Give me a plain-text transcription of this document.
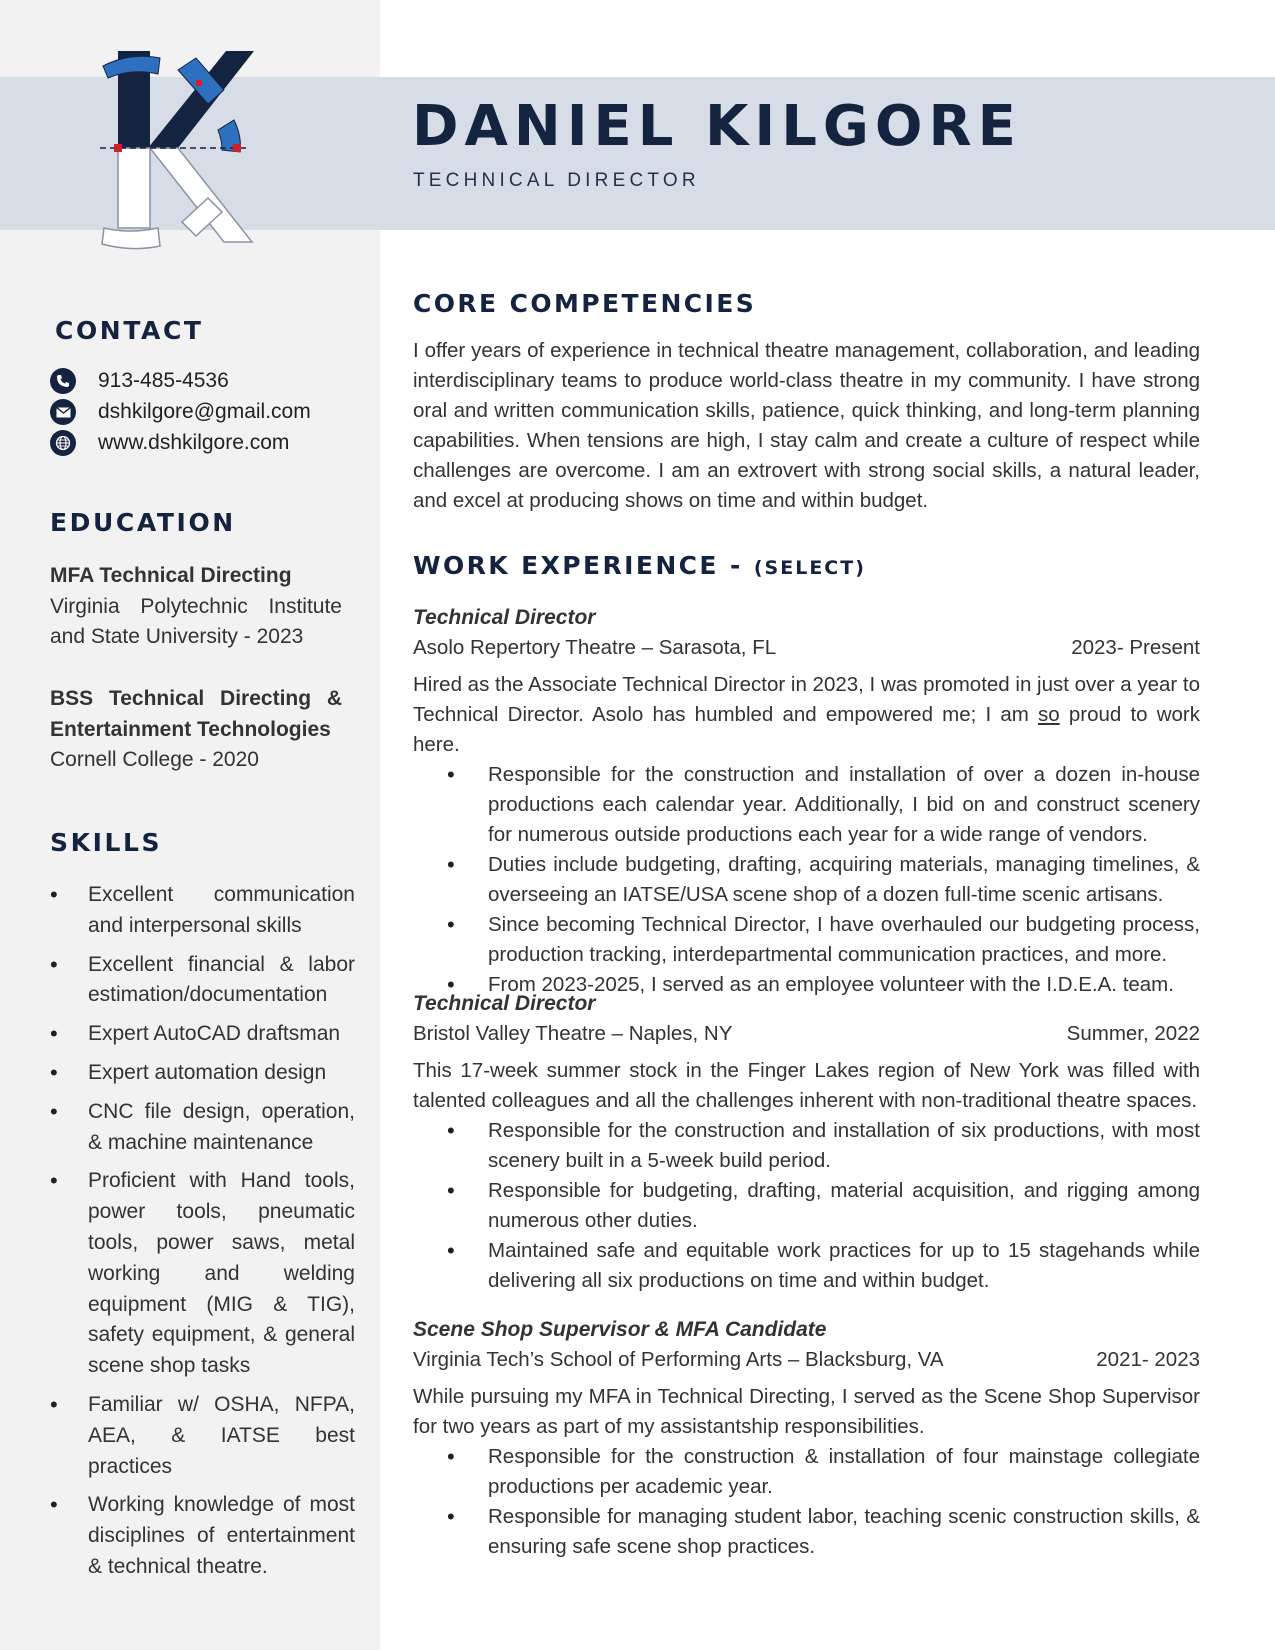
DANIEL KILGORE
TECHNICAL DIRECTOR
CONTACT
913-485-4536
dshkilgore@gmail.com
www.dshkilgore.com
EDUCATION
MFA Technical Directing
Virginia Polytechnic Institute and State University - 2023
BSS Technical Directing &
Entertainment Technologies
Cornell College - 2020
SKILLS
• Excellent communication and interpersonal skills
• Excellent financial & labor estimation/documentation
• Expert AutoCAD draftsman
• Expert automation design
• CNC file design, operation, & machine maintenance
• Proficient with Hand tools, power tools, pneumatic tools, power saws, metal working and welding equipment (MIG & TIG), safety equipment, & general scene shop tasks
• Familiar w/ OSHA, NFPA, AEA, & IATSE best practices
• Working knowledge of most disciplines of entertainment & technical theatre.
CORE COMPETENCIES

I offer years of experience in technical theatre management, collaboration, and leading interdisciplinary teams to produce world-class theatre in my community. I have strong oral and written communication skills, patience, quick thinking, and long-term planning capabilities. When tensions are high, I stay calm and create a culture of respect while challenges are overcome. I am an extrovert with strong social skills, a natural leader, and excel at producing shows on time and within budget.

WORK EXPERIENCE - (SELECT)
Technical Director
Asolo Repertory Theatre – Sarasota, FL	2023- Present

Hired as the Associate Technical Director in 2023, I was promoted in just over a year to Technical Director. Asolo has humbled and empowered me; I am so proud to work here.

• Responsible for the construction and installation of over a dozen in-house productions each calendar year. Additionally, I bid on and construct scenery for numerous outside productions each year for a wide range of vendors.
• Duties include budgeting, drafting, acquiring materials, managing timelines, & overseeing an IATSE/USA scene shop of a dozen full-time scenic artisans.
• Since becoming Technical Director, I have overhauled our budgeting process, production tracking, interdepartmental communication practices, and more.
• From 2023-2025, I served as an employee volunteer with the I.D.E.A. team.
Technical Director
Bristol Valley Theatre – Naples, NY	Summer, 2022

This 17-week summer stock in the Finger Lakes region of New York was filled with talented colleagues and all the challenges inherent with non-traditional theatre spaces.

• Responsible for the construction and installation of six productions, with most scenery built in a 5-week build period.
• Responsible for budgeting, drafting, material acquisition, and rigging among numerous other duties.
• Maintained safe and equitable work practices for up to 15 stagehands while delivering all six productions on time and within budget.
Scene Shop Supervisor & MFA Candidate
Virginia Tech’s School of Performing Arts – Blacksburg, VA	2021- 2023

While pursuing my MFA in Technical Directing, I served as the Scene Shop Supervisor for two years as part of my assistantship responsibilities.

• Responsible for the construction & installation of four mainstage collegiate productions per academic year.
• Responsible for managing student labor, teaching scenic construction skills, & ensuring safe scene shop practices.
